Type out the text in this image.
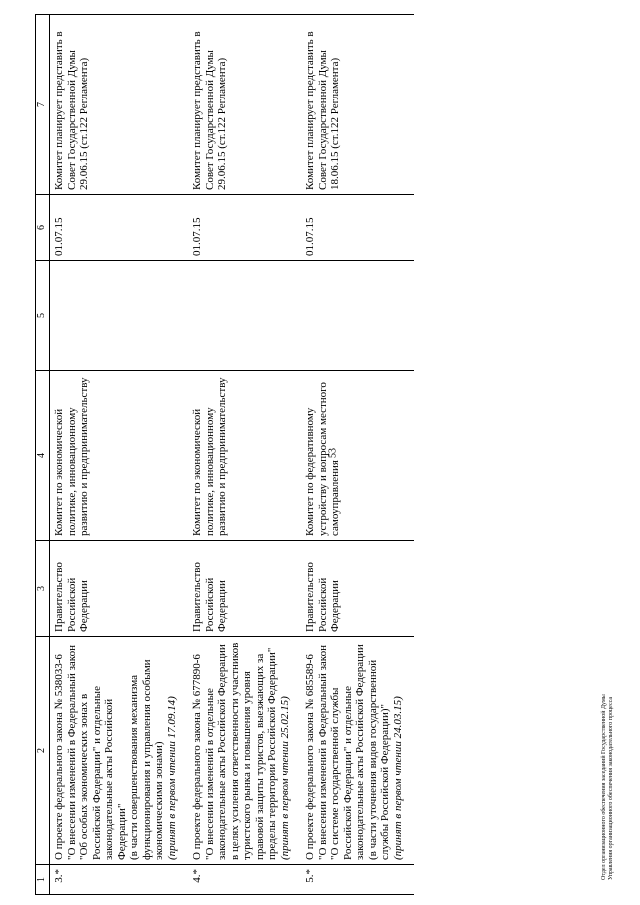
53
1	2	3	4	5	6	7
3.*	О проекте федерального закона № 538033-6 "О внесении изменений в Федеральный закон "Об особых экономических зонах в Российской Федерации" и отдельные законодательные акты Российской Федерации" (в части совершенствования механизма функционирования и управления особыми экономическими зонами) (принят в первом чтении 17.09.14)	Правительство Российской Федерации	Комитет по экономической политике, инновационному развитию и предпринимательству		01.07.15	Комитет планирует представить в Совет Государственной Думы 29.06.15 (ст.122 Регламента)
4.*	О проекте федерального закона № 677890-6 "О внесении изменений в отдельные законодательные акты Российской Федерации в целях усиления ответственности участников туристского рынка и повышения уровня правовой защиты туристов, выезжающих за пределы территории Российской Федерации" (принят в первом чтении 25.02.15)	Правительство Российской Федерации	Комитет по экономической политике, инновационному развитию и предпринимательству		01.07.15	Комитет планирует представить в Совет Государственной Думы 29.06.15 (ст.122 Регламента)
5.*	О проекте федерального закона № 685589-6 "О внесении изменений в Федеральный закон "О системе государственной службы Российской Федерации" и отдельные законодательные акты Российской Федерации (в части уточнения видов государственной службы Российской Федерации)" (принят в первом чтении 24.03.15)	Правительство Российской Федерации	Комитет по федеративному устройству и вопросам местного самоуправления		01.07.15	Комитет планирует представить в Совет Государственной Думы 18.06.15 (ст.122 Регламента)
Отдел организационного обеспечения заседаний Государственной Думы Управления организационного обеспечения законодательного процесса
